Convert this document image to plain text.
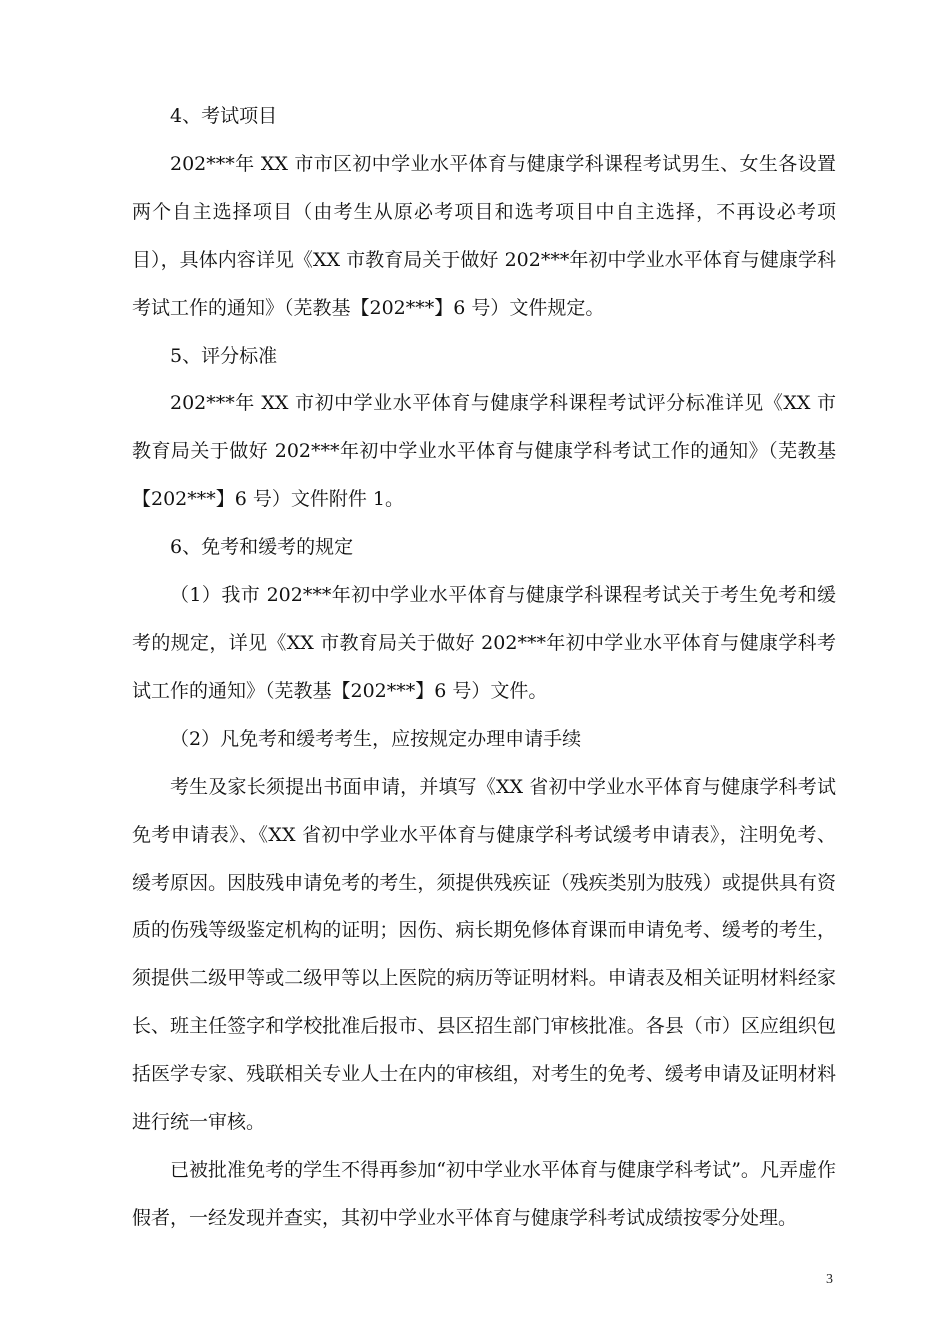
4、考试项目

202***年 XX 市市区初中学业水平体育与健康学科课程考试男生、女生各设置两个自主选择项目（由考生从原必考项目和选考项目中自主选择，不再设必考项目），具体内容详见《XX 市教育局关于做好 202***年初中学业水平体育与健康学科考试工作的通知》（芜教基【202***】6 号）文件规定。

5、评分标准

202***年 XX 市初中学业水平体育与健康学科课程考试评分标准详见《XX 市教育局关于做好 202***年初中学业水平体育与健康学科考试工作的通知》（芜教基【202***】6 号）文件附件 1。

6、免考和缓考的规定

（1）我市 202***年初中学业水平体育与健康学科课程考试关于考生免考和缓考的规定，详见《XX 市教育局关于做好 202***年初中学业水平体育与健康学科考试工作的通知》（芜教基【202***】6 号）文件。

（2）凡免考和缓考考生，应按规定办理申请手续

考生及家长须提出书面申请，并填写《XX 省初中学业水平体育与健康学科考试免考申请表》、《XX 省初中学业水平体育与健康学科考试缓考申请表》，注明免考、缓考原因。因肢残申请免考的考生，须提供残疾证（残疾类别为肢残）或提供具有资质的伤残等级鉴定机构的证明；因伤、病长期免修体育课而申请免考、缓考的考生，须提供二级甲等或二级甲等以上医院的病历等证明材料。申请表及相关证明材料经家长、班主任签字和学校批准后报市、县区招生部门审核批准。各县（市）区应组织包括医学专家、残联相关专业人士在内的审核组，对考生的免考、缓考申请及证明材料进行统一审核。

已被批准免考的学生不得再参加“初中学业水平体育与健康学科考试”。凡弄虚作假者，一经发现并查实，其初中学业水平体育与健康学科考试成绩按零分处理。

3
